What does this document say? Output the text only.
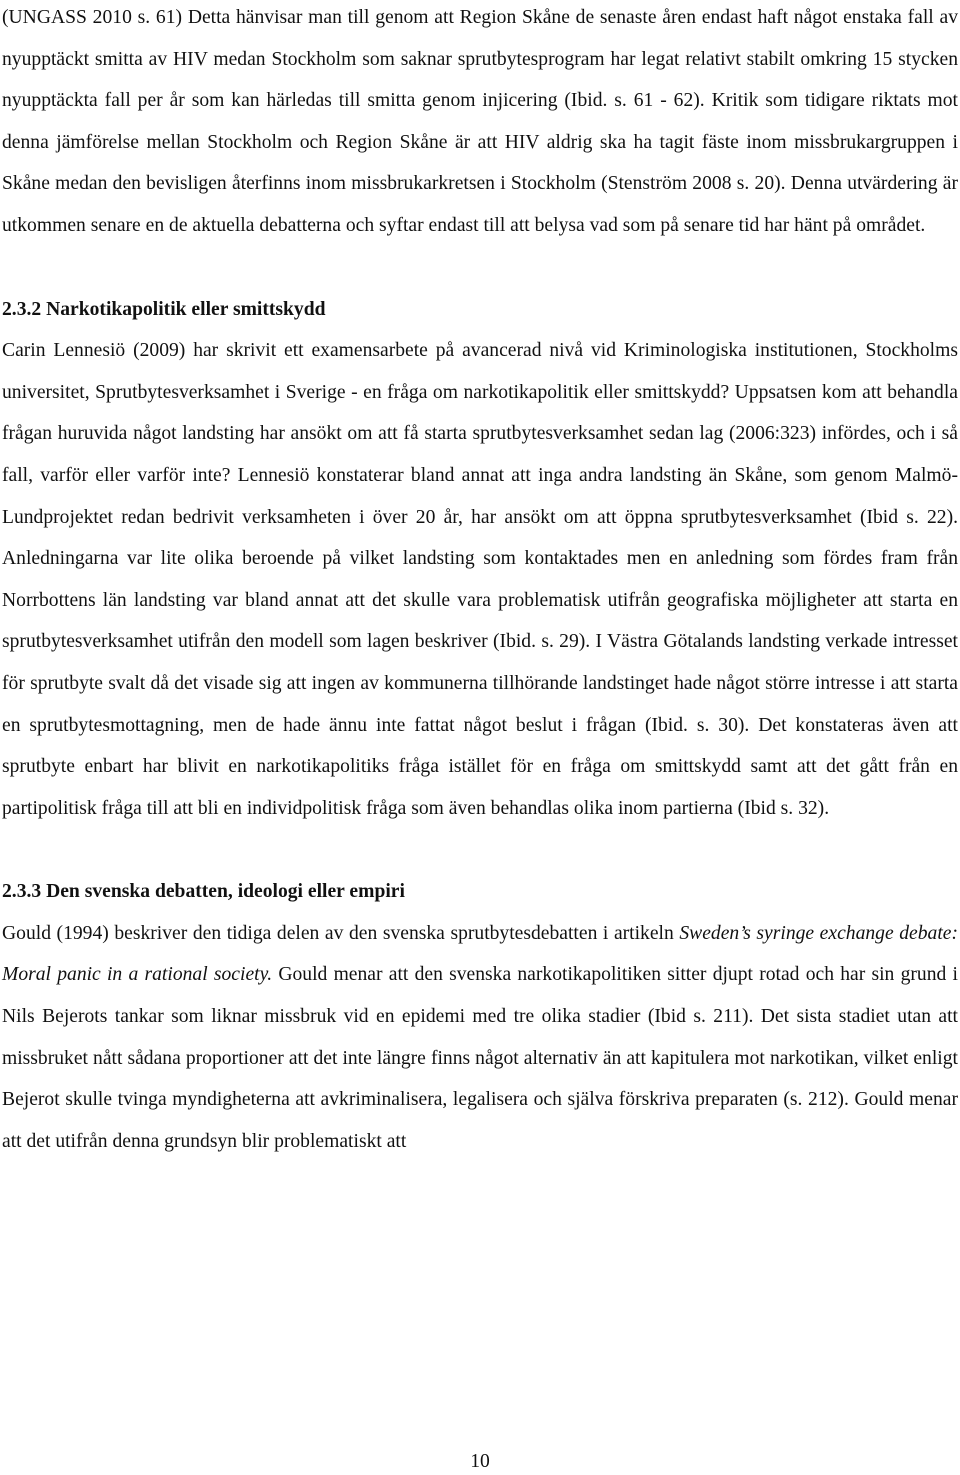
(UNGASS 2010 s. 61) Detta hänvisar man till genom att Region Skåne de senaste åren endast haft något enstaka fall av nyupptäckt smitta av HIV medan Stockholm som saknar sprutbytesprogram har legat relativt stabilt omkring 15 stycken nyupptäckta fall per år som kan härledas till smitta genom injicering (Ibid. s. 61 - 62). Kritik som tidigare riktats mot denna jämförelse mellan Stockholm och Region Skåne är att HIV aldrig ska ha tagit fäste inom missbrukargruppen i Skåne medan den bevisligen återfinns inom missbrukarkretsen i Stockholm (Stenström 2008 s. 20). Denna utvärdering är utkommen senare en de aktuella debatterna och syftar endast till att belysa vad som på senare tid har hänt på området.

2.3.2 Narkotikapolitik eller smittskydd

Carin Lennesiö (2009) har skrivit ett examensarbete på avancerad nivå vid Kriminologiska institutionen, Stockholms universitet, Sprutbytesverksamhet i Sverige - en fråga om narkotikapolitik eller smittskydd? Uppsatsen kom att behandla frågan huruvida något landsting har ansökt om att få starta sprutbytesverksamhet sedan lag (2006:323) infördes, och i så fall, varför eller varför inte? Lennesiö konstaterar bland annat att inga andra landsting än Skåne, som genom Malmö- Lundprojektet redan bedrivit verksamheten i över 20 år, har ansökt om att öppna sprutbytesverksamhet (Ibid s. 22). Anledningarna var lite olika beroende på vilket landsting som kontaktades men en anledning som fördes fram från Norrbottens län landsting var bland annat att det skulle vara problematisk utifrån geografiska möjligheter att starta en sprutbytesverksamhet utifrån den modell som lagen beskriver (Ibid. s. 29). I Västra Götalands landsting verkade intresset för sprutbyte svalt då det visade sig att ingen av kommunerna tillhörande landstinget hade något större intresse i att starta en sprutbytesmottagning, men de hade ännu inte fattat något beslut i frågan (Ibid. s. 30). Det konstateras även att sprutbyte enbart har blivit en narkotikapolitiks fråga istället för en fråga om smittskydd samt att det gått från en partipolitisk fråga till att bli en individpolitisk fråga som även behandlas olika inom partierna (Ibid s. 32).

2.3.3 Den svenska debatten, ideologi eller empiri

Gould (1994) beskriver den tidiga delen av den svenska sprutbytesdebatten i artikeln Sweden’s syringe exchange debate: Moral panic in a rational society. Gould menar att den svenska narkotikapolitiken sitter djupt rotad och har sin grund i Nils Bejerots tankar som liknar missbruk vid en epidemi med tre olika stadier (Ibid s. 211). Det sista stadiet utan att missbruket nått sådana proportioner att det inte längre finns något alternativ än att kapitulera mot narkotikan, vilket enligt Bejerot skulle tvinga myndigheterna att avkriminalisera, legalisera och själva förskriva preparaten (s. 212). Gould menar att det utifrån denna grundsyn blir problematiskt att

10
